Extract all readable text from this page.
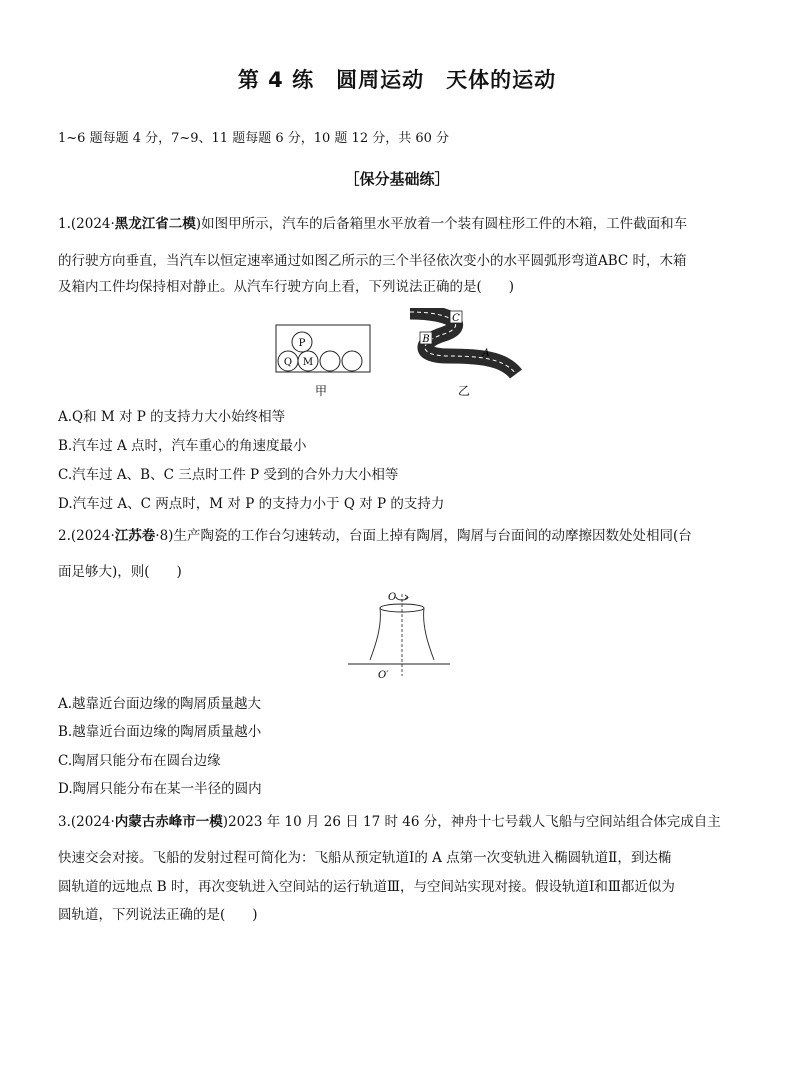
第 4 练　圆周运动　天体的运动
1~6 题每题 4 分，7~9、11 题每题 6 分，10 题 12 分，共 60 分
［保分基础练］
1.(2024·黑龙江省二模)如图甲所示，汽车的后备箱里水平放着一个装有圆柱形工件的木箱，工件截面和车
的行驶方向垂直，当汽车以恒定速率通过如图乙所示的三个半径依次变小的水平圆弧形弯道ABC 时，木箱
及箱内工件均保持相对静止。从汽车行驶方向上看，下列说法正确的是(　　)
P
Q M
甲
C
B
A
乙
A.Q和 M 对 P 的支持力大小始终相等
B.汽车过 A 点时，汽车重心的角速度最小
C.汽车过 A、B、C 三点时工件 P 受到的合外力大小相等
D.汽车过 A、C 两点时，M 对 P 的支持力小于 Q 对 P 的支持力
2.(2024·江苏卷·8)生产陶瓷的工作台匀速转动，台面上掉有陶屑，陶屑与台面间的动摩擦因数处处相同(台
面足够大)，则(　　)
O
O′
A.越靠近台面边缘的陶屑质量越大
B.越靠近台面边缘的陶屑质量越小
C.陶屑只能分布在圆台边缘
D.陶屑只能分布在某一半径的圆内
3.(2024·内蒙古赤峰市一模)2023 年 10 月 26 日 17 时 46 分，神舟十七号载人飞船与空间站组合体完成自主
快速交会对接。飞船的发射过程可简化为：飞船从预定轨道Ⅰ的 A 点第一次变轨进入椭圆轨道Ⅱ，到达椭
圆轨道的远地点 B 时，再次变轨进入空间站的运行轨道Ⅲ，与空间站实现对接。假设轨道Ⅰ和Ⅲ都近似为
圆轨道，下列说法正确的是(　　)
